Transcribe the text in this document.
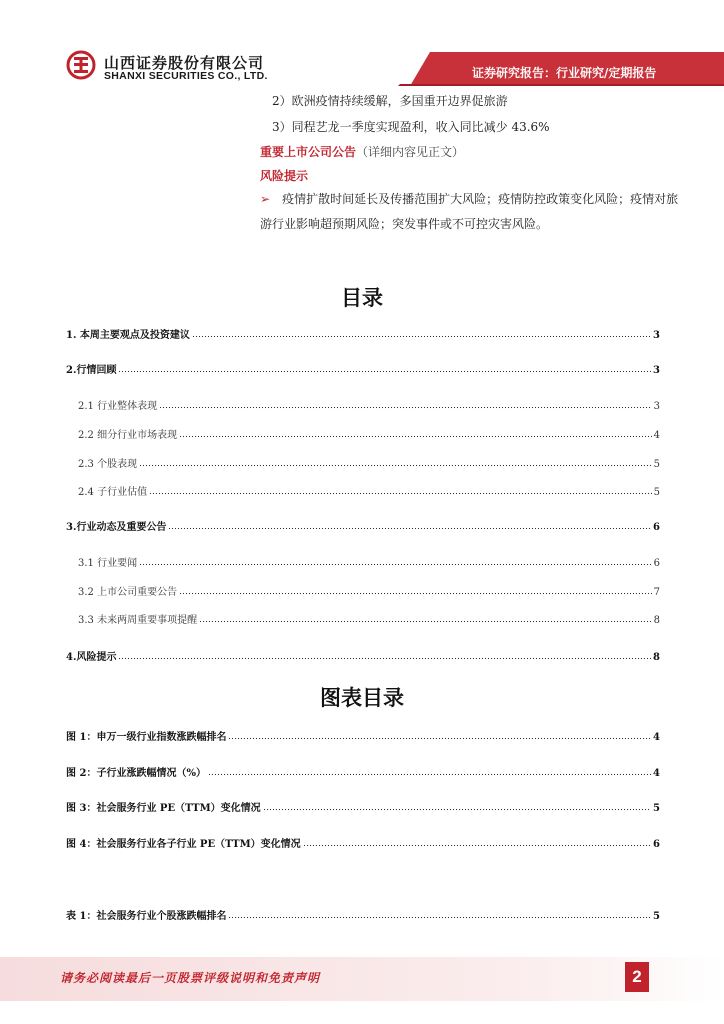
山西证券股份有限公司
SHANXI SECURITIES CO., LTD.	证券研究报告：行业研究/定期报告
2）欧洲疫情持续缓解，多国重开边界促旅游
3）同程艺龙一季度实现盈利，收入同比减少 43.6%
重要上市公司公告（详细内容见正文）
风险提示
➢ 疫情扩散时间延长及传播范围扩大风险；疫情防控政策变化风险；疫情对旅游行业影响超预期风险；突发事件或不可控灾害风险。
目录
1. 本周主要观点及投资建议	3
2.行情回顾	3
2.1 行业整体表现	3
2.2 细分行业市场表现	4
2.3 个股表现	5
2.4 子行业估值	5
3.行业动态及重要公告	6
3.1 行业要闻	6
3.2 上市公司重要公告	7
3.3 未来两周重要事项提醒	8
4.风险提示	8
图表目录
图 1：申万一级行业指数涨跌幅排名	4
图 2：子行业涨跌幅情况（%）	4
图 3：社会服务行业 PE（TTM）变化情况	5
图 4：社会服务行业各子行业 PE（TTM）变化情况	6
表 1：社会服务行业个股涨跌幅排名	5
请务必阅读最后一页股票评级说明和免责声明	2
